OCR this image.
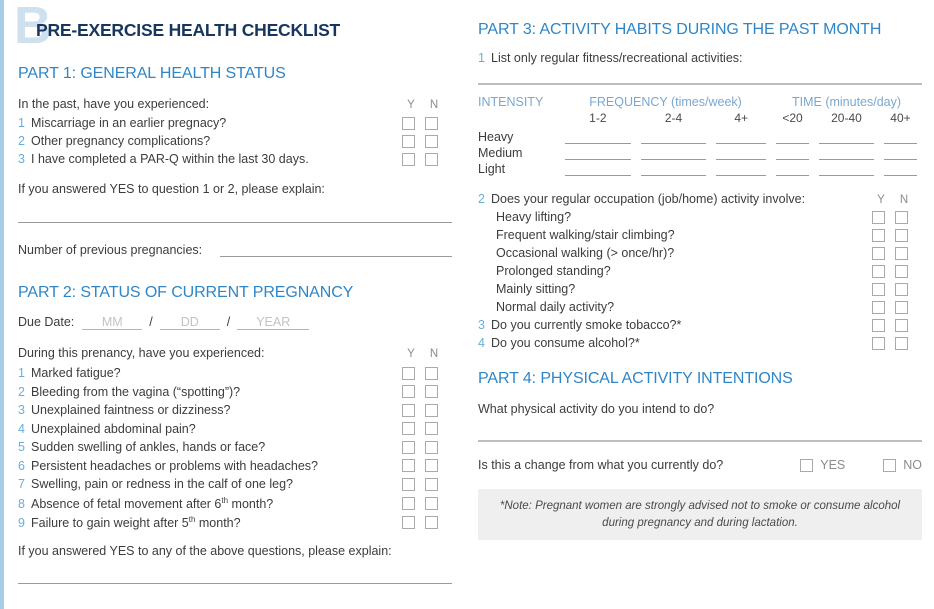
B
PRE-EXERCISE HEALTH CHECKLIST
PART 1: GENERAL HEALTH STATUS
In the past, have you experienced:	Y	N
1 Miscarriage in an earlier pregnacy?
2 Other pregnancy complications?
3 I have completed a PAR-Q within the last 30 days.
If you answered YES to question 1 or 2, please explain:
Number of previous pregnancies:
PART 2: STATUS OF CURRENT PREGNANCY
Due Date:	MM	/	DD	/	YEAR
During this prenancy, have you experienced:	Y	N
1 Marked fatigue?
2 Bleeding from the vagina (“spotting”)?
3 Unexplained faintness or dizziness?
4 Unexplained abdominal pain?
5 Sudden swelling of ankles, hands or face?
6 Persistent headaches or problems with headaches?
7 Swelling, pain or redness in the calf of one leg?
8 Absence of fetal movement after 6th month?
9 Failure to gain weight after 5th month?
If you answered YES to any of the above questions, please explain:
PART 3: ACTIVITY HABITS DURING THE PAST MONTH
1 List only regular fitness/recreational activities:
INTENSITY	FREQUENCY (times/week)			TIME (minutes/day)		
	1-2	2-4	4+	<20	20-40	40+
Heavy	

Medium	

Light	

2 Does your regular occupation (job/home) activity involve:	Y	N
Heavy lifting?
Frequent walking/stair climbing?
Occasional walking (> once/hr)?
Prolonged standing?
Mainly sitting?
Normal daily activity?
3 Do you currently smoke tobacco?*
4 Do you consume alcohol?*
PART 4: PHYSICAL ACTIVITY INTENTIONS
What physical activity do you intend to do?
Is this a change from what you currently do?	YES	NO
*Note: Pregnant women are strongly advised not to smoke or consume alcohol during pregnancy and during lactation.
